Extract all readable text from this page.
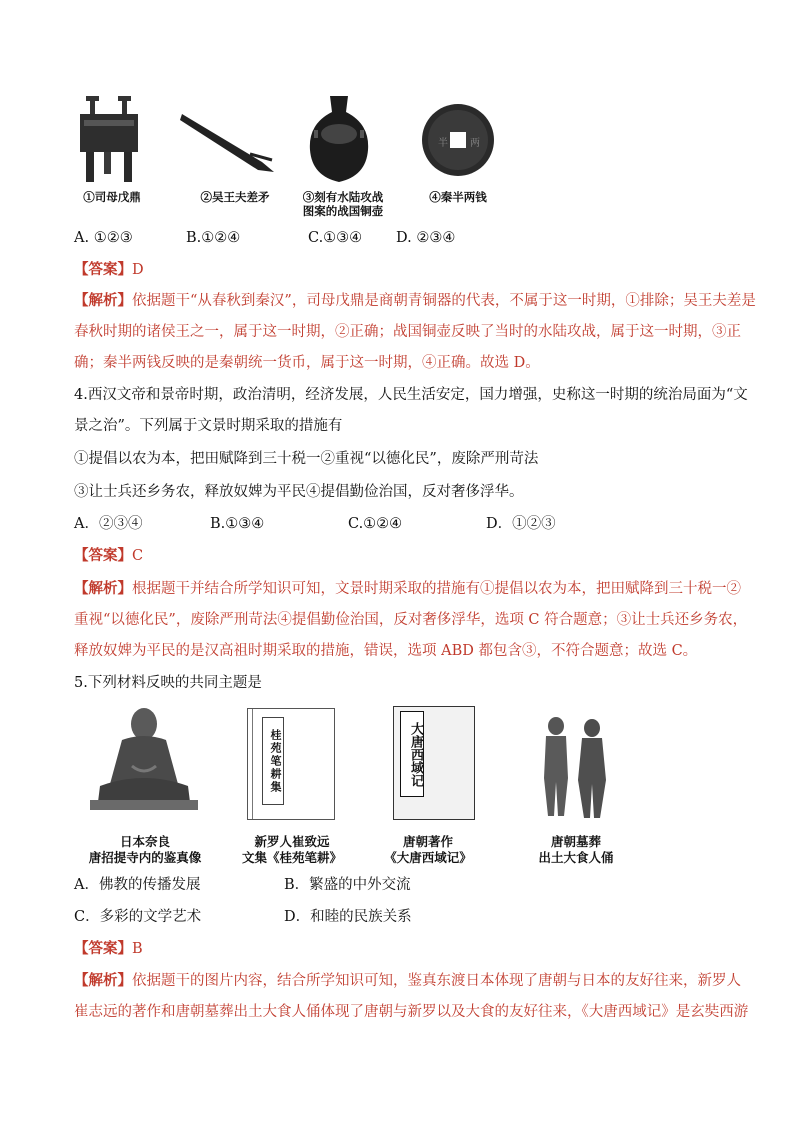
半 两
①司母戊鼎	②吴王夫差矛	③刻有水陆攻战
图案的战国铜壶
④秦半两钱
A. ①②③	B.①②④	C.①③④ D. ②③④
【答案】D
【解析】依据题干“从春秋到秦汉”，司母戊鼎是商朝青铜器的代表，不属于这一时期，①排除；吴王夫差是
春秋时期的诸侯王之一，属于这一时期，②正确；战国铜壶反映了当时的水陆攻战，属于这一时期，③正
确；秦半两钱反映的是秦朝统一货币，属于这一时期，④正确。故选 D。
4.西汉文帝和景帝时期，政治清明，经济发展，人民生活安定，国力增强，史称这一时期的统治局面为“文
景之治”。下列属于文景时期采取的措施有
①提倡以农为本，把田赋降到三十税一②重视“以德化民”，废除严刑苛法
③让士兵还乡务农，释放奴婢为平民④提倡勤俭治国，反对奢侈浮华。
A．②③④	B.①③④	C.①②④	D．①②③
【答案】C
【解析】根据题干并结合所学知识可知，文景时期采取的措施有①提倡以农为本，把田赋降到三十税一②
重视“以德化民”，废除严刑苛法④提倡勤俭治国，反对奢侈浮华，选项 C 符合题意；③让士兵还乡务农，
释放奴婢为平民的是汉高祖时期采取的措施，错误，选项 ABD 都包含③，不符合题意；故选 C。
5.下列材料反映的共同主题是
桂苑笔耕集	大唐西域记
日本奈良
唐招提寺内的鉴真像
新罗人崔致远
文集《桂苑笔耕》
唐朝著作
《大唐西域记》
唐朝墓葬
出土大食人俑
A．佛教的传播发展	B．繁盛的中外交流
C．多彩的文学艺术	D．和睦的民族关系
【答案】B
【解析】依据题干的图片内容，结合所学知识可知，鉴真东渡日本体现了唐朝与日本的友好往来，新罗人
崔志远的著作和唐朝墓葬出土大食人俑体现了唐朝与新罗以及大食的友好往来，《大唐西域记》是玄奘西游
